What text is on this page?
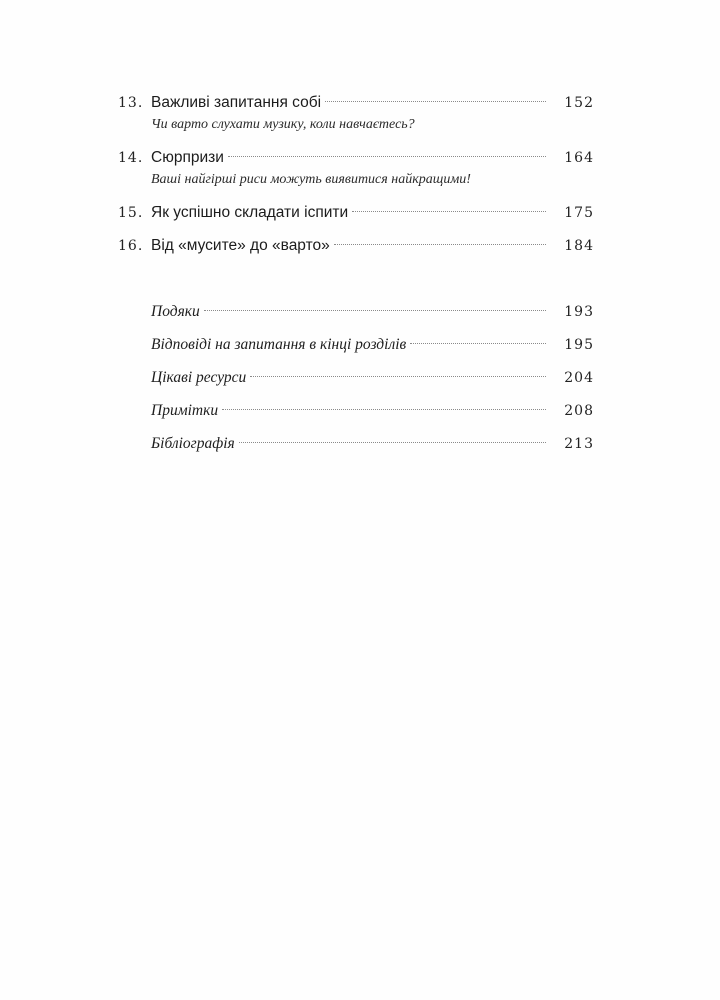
13. Важливі запитання собі	152
Чи варто слухати музику, коли навчаєтесь?
14. Сюрпризи	164
Ваші найгірші риси можуть виявитися найкращими!
15. Як успішно складати іспити	175
16. Від «мусите» до «варто»	184
Подяки	193
Відповіді на запитання в кінці розділів	195
Цікаві ресурси	204
Примітки	208
Бібліографія	213
